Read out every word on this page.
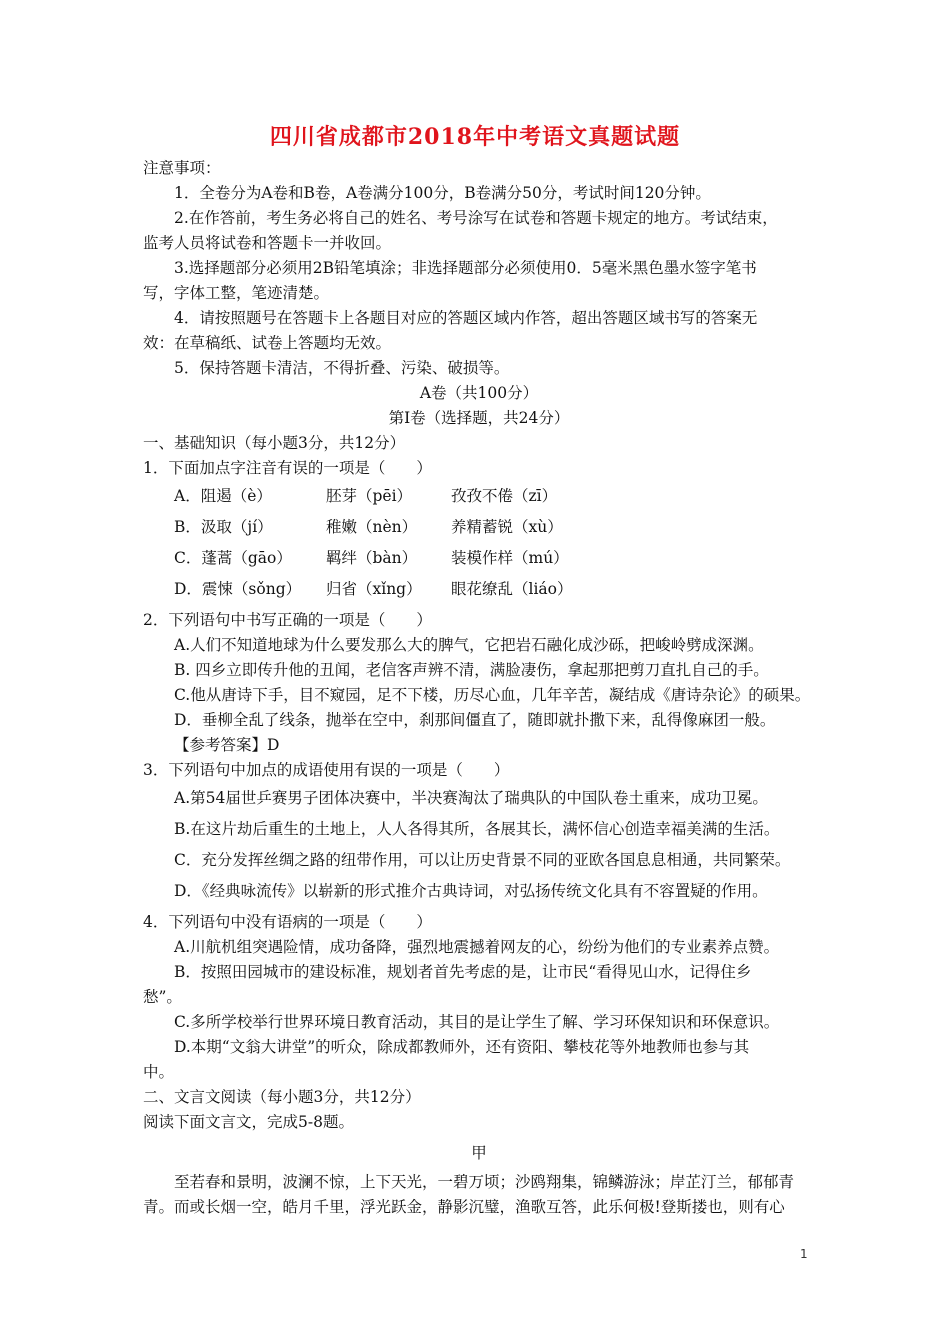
四川省成都市2018年中考语文真题试题
注意事项：
1．全卷分为A卷和B卷，A卷满分100分，B卷满分50分，考试时间120分钟。
2.在作答前，考生务必将自己的姓名、考号涂写在试卷和答题卡规定的地方。考试结束，
监考人员将试卷和答题卡一并收回。
3.选择题部分必须用2B铅笔填涂；非选择题部分必须使用0．5毫米黑色墨水签字笔书
写，字体工整，笔迹清楚。
4．请按照题号在答题卡上各题目对应的答题区域内作答，超出答题区域书写的答案无
效：在草稿纸、试卷上答题均无效。
5．保持答题卡清洁，不得折叠、污染、破损等。
A卷（共100分）
第Ⅰ卷（选择题，共24分）
一、基础知识（每小题3分，共12分）
1．下面加点字注音有误的一项是（　　）
A．阻遏（è）	胚芽（pēi）	孜孜不倦（zī）
B．汲取（jí）	稚嫩（nèn）	养精蓄锐（xù）
C．蓬蒿（gāo）	羁绊（bàn）	装模作样（mú）
D．震悚（sǒng）	归省（xǐng）	眼花缭乱（liáo）
2．下列语句中书写正确的一项是（　　）
A.人们不知道地球为什么要发那么大的脾气，它把岩石融化成沙砾，把峻岭劈成深渊。
B. 四乡立即传升他的丑闻，老信客声辨不清，满脸凄伤，拿起那把剪刀直扎自己的手。
C.他从唐诗下手，目不窥园，足不下楼，历尽心血，几年辛苦，凝结成《唐诗杂论》的硕果。
D．垂柳全乱了线条，抛举在空中，刹那间僵直了，随即就扑撒下来，乱得像麻团一般。
【参考答案】D
3．下列语句中加点的成语使用有误的一项是（　　）
A.第54届世乒赛男子团体决赛中，半决赛淘汰了瑞典队的中国队卷土重来，成功卫冕。
B.在这片劫后重生的土地上，人人各得其所，各展其长，满怀信心创造幸福美满的生活。
C．充分发挥丝绸之路的纽带作用，可以让历史背景不同的亚欧各国息息相通，共同繁荣。
D．《经典咏流传》以崭新的形式推介古典诗词，对弘扬传统文化具有不容置疑的作用。
4．下列语句中没有语病的一项是（　　）
A.川航机组突遇险情，成功备降，强烈地震撼着网友的心，纷纷为他们的专业素养点赞。
B．按照田园城市的建设标准，规划者首先考虑的是，让市民“看得见山水，记得住乡
愁”。
C.多所学校举行世界环境日教育活动，其目的是让学生了解、学习环保知识和环保意识。
D.本期“文翁大讲堂”的听众，除成都教师外，还有资阳、攀枝花等外地教师也参与其
中。
二、文言文阅读（每小题3分，共12分）
阅读下面文言文，完成5-8题。
甲
至若春和景明，波澜不惊，上下天光，一碧万顷；沙鸥翔集，锦鳞游泳；岸芷汀兰，郁郁青
青。而或长烟一空，皓月千里，浮光跃金，静影沉璧，渔歌互答，此乐何极!登斯搂也，则有心
1
